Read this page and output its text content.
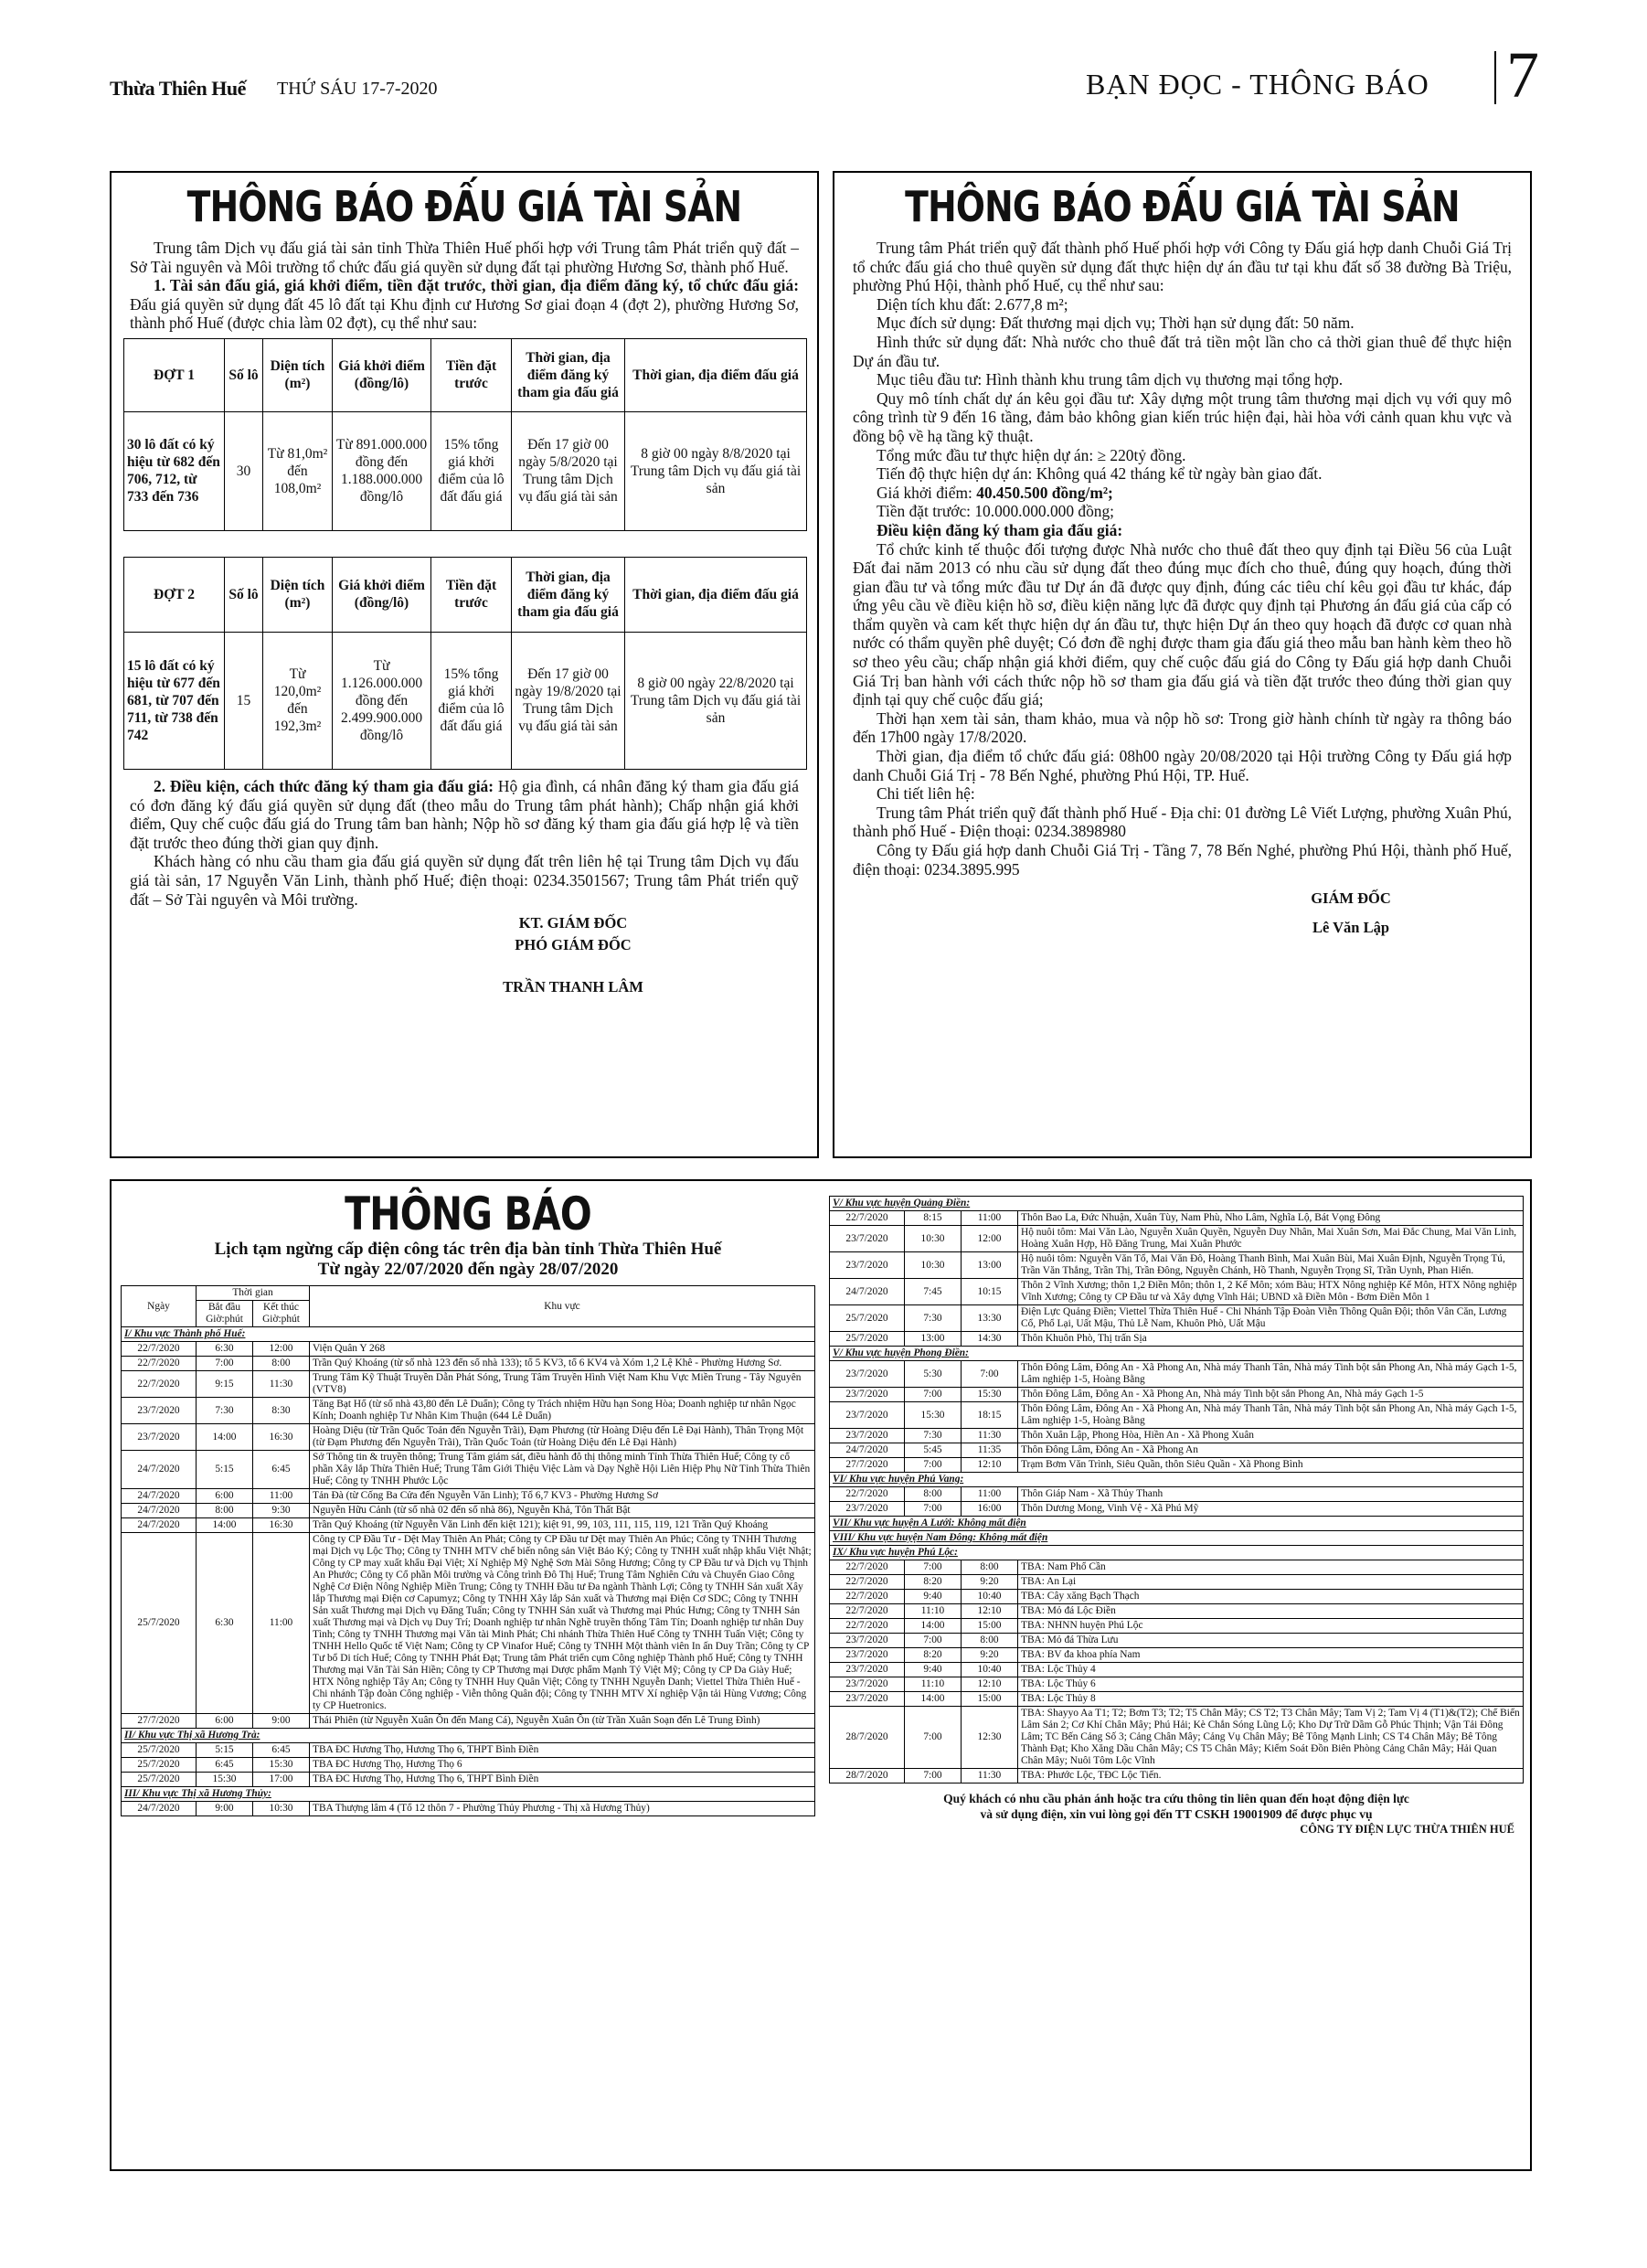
Thừa Thiên Huế THỨ SÁU 17-7-2020	BẠN ĐỌC - THÔNG BÁO 7
THÔNG BÁO ĐẤU GIÁ TÀI SẢN
Trung tâm Dịch vụ đấu giá tài sản tỉnh Thừa Thiên Huế phối hợp với Trung tâm Phát triển quỹ đất – Sở Tài nguyên và Môi trường tổ chức đấu giá quyền sử dụng đất tại phường Hương Sơ, thành phố Huế.
1. Tài sản đấu giá, giá khởi điểm, tiền đặt trước, thời gian, địa điểm đăng ký, tổ chức đấu giá: Đấu giá quyền sử dụng đất 45 lô đất tại Khu định cư Hương Sơ giai đoạn 4 (đợt 2), phường Hương Sơ, thành phố Huế (được chia làm 02 đợt), cụ thể như sau:
ĐỢT 1	Số lô	Diện tích (m²)	Giá khởi điểm (đồng/lô)	Tiền đặt trước	Thời gian, địa điểm đăng ký tham gia đấu giá	Thời gian, địa điểm đấu giá
30 lô đất có ký hiệu từ 682 đến 706, 712, từ 733 đến 736	30	Từ 81,0m² đến 108,0m²	Từ 891.000.000 đồng đến 1.188.000.000 đồng/lô	15% tổng giá khởi điểm của lô đất đấu giá	Đến 17 giờ 00 ngày 5/8/2020 tại Trung tâm Dịch vụ đấu giá tài sản	8 giờ 00 ngày 8/8/2020 tại Trung tâm Dịch vụ đấu giá tài sản
ĐỢT 2	Số lô	Diện tích (m²)	Giá khởi điểm (đồng/lô)	Tiền đặt trước	Thời gian, địa điểm đăng ký tham gia đấu giá	Thời gian, địa điểm đấu giá
15 lô đất có ký hiệu từ 677 đến 681, từ 707 đến 711, từ 738 đến 742	15	Từ 120,0m² đến 192,3m²	Từ 1.126.000.000 đồng đến 2.499.900.000 đồng/lô	15% tổng giá khởi điểm của lô đất đấu giá	Đến 17 giờ 00 ngày 19/8/2020 tại Trung tâm Dịch vụ đấu giá tài sản	8 giờ 00 ngày 22/8/2020 tại Trung tâm Dịch vụ đấu giá tài sản
2. Điều kiện, cách thức đăng ký tham gia đấu giá: Hộ gia đình, cá nhân đăng ký tham gia đấu giá có đơn đăng ký đấu giá quyền sử dụng đất (theo mẫu do Trung tâm phát hành); Chấp nhận giá khởi điểm, Quy chế cuộc đấu giá do Trung tâm ban hành; Nộp hồ sơ đăng ký tham gia đấu giá hợp lệ và tiền đặt trước theo đúng thời gian quy định.
Khách hàng có nhu cầu tham gia đấu giá quyền sử dụng đất trên liên hệ tại Trung tâm Dịch vụ đấu giá tài sản, 17 Nguyễn Văn Linh, thành phố Huế; điện thoại: 0234.3501567; Trung tâm Phát triển quỹ đất – Sở Tài nguyên và Môi trường.
KT. GIÁM ĐỐC
PHÓ GIÁM ĐỐC
TRẦN THANH LÂM
THÔNG BÁO ĐẤU GIÁ TÀI SẢN
Trung tâm Phát triển quỹ đất thành phố Huế phối hợp với Công ty Đấu giá hợp danh Chuỗi Giá Trị tổ chức đấu giá cho thuê quyền sử dụng đất thực hiện dự án đầu tư tại khu đất số 38 đường Bà Triệu, phường Phú Hội, thành phố Huế, cụ thể như sau:
Diện tích khu đất: 2.677,8 m²;
Mục đích sử dụng: Đất thương mại dịch vụ; Thời hạn sử dụng đất: 50 năm.
Hình thức sử dụng đất: Nhà nước cho thuê đất trả tiền một lần cho cả thời gian thuê để thực hiện Dự án đầu tư.
Mục tiêu đầu tư: Hình thành khu trung tâm dịch vụ thương mại tổng hợp.
Quy mô tính chất dự án kêu gọi đầu tư: Xây dựng một trung tâm thương mại dịch vụ với quy mô công trình từ 9 đến 16 tầng, đảm bảo không gian kiến trúc hiện đại, hài hòa với cảnh quan khu vực và đồng bộ về hạ tầng kỹ thuật.
Tổng mức đầu tư thực hiện dự án: ≥ 220tỷ đồng.
Tiến độ thực hiện dự án: Không quá 42 tháng kể từ ngày bàn giao đất.
Giá khởi điểm: 40.450.500 đồng/m²;
Tiền đặt trước: 10.000.000.000 đồng;
Điều kiện đăng ký tham gia đấu giá:
Tổ chức kinh tế thuộc đối tượng được Nhà nước cho thuê đất theo quy định tại Điều 56 của Luật Đất đai năm 2013 có nhu cầu sử dụng đất theo đúng mục đích cho thuê, đúng quy hoạch, đúng thời gian đầu tư và tổng mức đầu tư Dự án đã được quy định, đúng các tiêu chí kêu gọi đầu tư khác, đáp ứng yêu cầu về điều kiện hồ sơ, điều kiện năng lực đã được quy định tại Phương án đấu giá của cấp có thẩm quyền và cam kết thực hiện dự án đầu tư, thực hiện Dự án theo quy hoạch đã được cơ quan nhà nước có thẩm quyền phê duyệt; Có đơn đề nghị được tham gia đấu giá theo mẫu ban hành kèm theo hồ sơ theo yêu cầu; chấp nhận giá khởi điểm, quy chế cuộc đấu giá do Công ty Đấu giá hợp danh Chuỗi Giá Trị ban hành với cách thức nộp hồ sơ tham gia đấu giá và tiền đặt trước theo đúng thời gian quy định tại quy chế cuộc đấu giá;
Thời hạn xem tài sản, tham khảo, mua và nộp hồ sơ: Trong giờ hành chính từ ngày ra thông báo đến 17h00 ngày 17/8/2020.
Thời gian, địa điểm tổ chức đấu giá: 08h00 ngày 20/08/2020 tại Hội trường Công ty Đấu giá hợp danh Chuỗi Giá Trị - 78 Bến Nghé, phường Phú Hội, TP. Huế.
Chi tiết liên hệ:
Trung tâm Phát triển quỹ đất thành phố Huế - Địa chỉ: 01 đường Lê Viết Lượng, phường Xuân Phú, thành phố Huế - Điện thoại: 0234.3898980
Công ty Đấu giá hợp danh Chuỗi Giá Trị - Tầng 7, 78 Bến Nghé, phường Phú Hội, thành phố Huế, điện thoại: 0234.3895.995
GIÁM ĐỐC
Lê Văn Lập
THÔNG BÁO
Lịch tạm ngừng cấp điện công tác trên địa bàn tỉnh Thừa Thiên Huế
Từ ngày 22/07/2020 đến ngày 28/07/2020
Ngày	Thời gian		Khu vực
	Bắt đầu Giờ:phút	Kết thúc Giờ:phút	
I/ Khu vực Thành phố Huế:			
22/7/2020	6:30	12:00	Viện Quân Y 268
22/7/2020	7:00	8:00	Trần Quý Khoáng (từ số nhà 123 đến số nhà 133); tổ 5 KV3, tổ 6 KV4 và Xóm 1,2 Lệ Khê - Phường Hương Sơ.
22/7/2020	9:15	11:30	Trung Tâm Kỹ Thuật Truyền Dẫn Phát Sóng, Trung Tâm Truyền Hình Việt Nam Khu Vực Miền Trung - Tây Nguyên (VTV8)
23/7/2020	7:30	8:30	Tăng Bạt Hổ (từ số nhà 43,80 đến Lê Duẩn); Công ty Trách nhiệm Hữu hạn Song Hòa; Doanh nghiệp tư nhân Ngọc Kính; Doanh nghiệp Tư Nhân Kim Thuận (644 Lê Duẩn)
23/7/2020	14:00	16:30	Hoàng Diệu (từ Trần Quốc Toản đến Nguyễn Trãi), Đạm Phương (từ Hoàng Diệu đến Lê Đại Hành), Thân Trọng Một (từ Đạm Phương đến Nguyễn Trãi), Trần Quốc Toản (từ Hoàng Diệu đến Lê Đại Hành)
24/7/2020	5:15	6:45	Sở Thông tin & truyền thông; Trung Tâm giám sát, điều hành đô thị thông minh Tỉnh Thừa Thiên Huế; Công ty cổ phần Xây lắp Thừa Thiên Huế; Trung Tâm Giới Thiệu Việc Làm và Dạy Nghề Hội Liên Hiệp Phụ Nữ Tỉnh Thừa Thiên Huế; Công ty TNHH Phước Lộc
24/7/2020	6:00	11:00	Tản Đà (từ Cống Ba Cửa đến Nguyễn Văn Linh); Tổ 6,7 KV3 - Phường Hương Sơ
24/7/2020	8:00	9:30	Nguyễn Hữu Cảnh (từ số nhà 02 đến số nhà 86), Nguyễn Khả, Tôn Thất Bật
24/7/2020	14:00	16:30	Trần Quý Khoáng (từ Nguyễn Văn Linh đến kiệt 121); kiệt 91, 99, 103, 111, 115, 119, 121 Trần Quý Khoáng
25/7/2020	6:30	11:00	Công ty CP Đầu Tư - Dệt May Thiên An Phát; Công ty CP Đầu tư Dệt may Thiên An Phúc; Công ty TNHH Thương mại Dịch vụ Lộc Thọ; Công ty TNHH MTV chế biến nông sản Việt Bảo Ký; Công ty TNHH xuất nhập khẩu Việt Nhật; Công ty CP may xuất khẩu Đại Việt; Xí Nghiệp Mỹ Nghệ Sơn Mài Sông Hương; Công ty CP Đầu tư và Dịch vụ Thịnh An Phước; Công ty Cổ phần Môi trường và Công trình Đô Thị Huế; Trung Tâm Nghiên Cứu và Chuyển Giao Công Nghệ Cơ Điện Nông Nghiệp Miền Trung; Công ty TNHH Đầu tư Đa ngành Thành Lợi; Công ty TNHH Sản xuất Xây lắp Thương mại Điện cơ Capumyz; Công ty TNHH Xây lắp Sản xuất và Thương mại Điện Cơ SDC; Công ty TNHH Sản xuất Thương mại Dịch vụ Đăng Tuấn; Công ty TNHH Sản xuất và Thương mại Phúc Hưng; Công ty TNHH Sản xuất Thương mại và Dịch vụ Duy Trí; Doanh nghiệp tư nhân Nghề truyền thống Tâm Tín; Doanh nghiệp tư nhân Duy Tình; Công ty TNHH Thương mại Văn tài Minh Phát; Chi nhánh Thừa Thiên Huế Công ty TNHH Tuấn Việt; Công ty TNHH Hello Quốc tế Việt Nam; Công ty CP Vinafor Huế; Công ty TNHH Một thành viên In ấn Duy Trần; Công ty CP Tư bổ Di tích Huế; Công ty TNHH Phát Đạt; Trung tâm Phát triển cụm Công nghiệp Thành phố Huế; Công ty TNHH Thương mại Văn Tài Sản Hiền; Công ty CP Thương mại Dược phẩm Mạnh Tý Việt Mỹ; Công ty CP Da Giày Huế; HTX Nông nghiệp Tây An; Công ty TNHH Huy Quân Việt; Công ty TNHH Nguyễn Danh; Viettel Thừa Thiên Huế - Chi nhánh Tập đoàn Công nghiệp - Viễn thông Quân đội; Công ty TNHH MTV Xí nghiệp Vận tải Hùng Vương; Công ty CP Huetronics.
27/7/2020	6:00	9:00	Thái Phiên (từ Nguyễn Xuân Ôn đến Mang Cá), Nguyễn Xuân Ôn (từ Trần Xuân Soạn đến Lê Trung Đình)
II/ Khu vực Thị xã Hương Trà:			
25/7/2020	5:15	6:45	TBA ĐC Hương Thọ, Hương Thọ 6, THPT Bình Điền
25/7/2020	6:45	15:30	TBA ĐC Hương Thọ, Hương Thọ 6
25/7/2020	15:30	17:00	TBA ĐC Hương Thọ, Hương Thọ 6, THPT Bình Điền
III/ Khu vực Thị xã Hương Thủy:			
24/7/2020	9:00	10:30	TBA Thượng lâm 4 (Tổ 12 thôn 7 - Phường Thủy Phương - Thị xã Hương Thủy)
V/ Khu vực huyện Quảng Điền:			
22/7/2020	8:15	11:00	Thôn Bao La, Đức Nhuận, Xuân Tùy, Nam Phù, Nho Lâm, Nghĩa Lộ, Bát Vọng Đông
23/7/2020	10:30	12:00	Hộ nuôi tôm: Mai Văn Lào, Nguyễn Xuân Quyền, Nguyễn Duy Nhân, Mai Xuân Sơn, Mai Đắc Chung, Mai Văn Linh, Hoàng Xuân Hợp, Hồ Đăng Trung, Mai Xuân Phước
23/7/2020	10:30	13:00	Hộ nuôi tôm: Nguyễn Văn Tố, Mai Văn Đô, Hoàng Thanh Bình, Mai Xuân Bùi, Mai Xuân Định, Nguyễn Trọng Tú, Trần Văn Thắng, Trần Thị, Trần Đông, Nguyễn Chánh, Hồ Thanh, Nguyễn Trọng Sĩ, Trần Uynh, Phan Hiến.
24/7/2020	7:45	10:15	Thôn 2 Vĩnh Xương; thôn 1,2 Điền Môn; thôn 1, 2 Kế Môn; xóm Bàu; HTX Nông nghiệp Kế Môn, HTX Nông nghiệp Vĩnh Xương; Công ty CP Đầu tư và Xây dựng Vĩnh Hải; UBND xã Điền Môn - Bơm Điền Môn 1
25/7/2020	7:30	13:30	Điện Lực Quảng Điền; Viettel Thừa Thiên Huế - Chi Nhánh Tập Đoàn Viễn Thông Quân Đội; thôn Vân Căn, Lương Cổ, Phổ Lại, Uất Mậu, Thủ Lễ Nam, Khuôn Phò, Uất Mậu
25/7/2020	13:00	14:30	Thôn Khuôn Phò, Thị trấn Sịa
V/ Khu vực huyện Phong Điền:			
23/7/2020	5:30	7:00	Thôn Đông Lâm, Đông An - Xã Phong An, Nhà máy Thanh Tân, Nhà máy Tinh bột sắn Phong An, Nhà máy Gạch 1-5, Lâm nghiệp 1-5, Hoàng Bằng
23/7/2020	7:00	15:30	Thôn Đông Lâm, Đông An - Xã Phong An, Nhà máy Tinh bột sắn Phong An, Nhà máy Gạch 1-5
23/7/2020	15:30	18:15	Thôn Đông Lâm, Đông An - Xã Phong An, Nhà máy Thanh Tân, Nhà máy Tinh bột sắn Phong An, Nhà máy Gạch 1-5, Lâm nghiệp 1-5, Hoàng Bằng
23/7/2020	7:30	11:30	Thôn Xuân Lập, Phong Hòa, Hiền An - Xã Phong Xuân
24/7/2020	5:45	11:35	Thôn Đông Lâm, Đông An - Xã Phong An
27/7/2020	7:00	12:10	Trạm Bơm Văn Trình, Siêu Quần, thôn Siêu Quần - Xã Phong Bình
VI/ Khu vực huyện Phú Vang:			
22/7/2020	8:00	11:00	Thôn Giáp Nam - Xã Thủy Thanh
23/7/2020	7:00	16:00	Thôn Dương Mong, Vinh Vệ - Xã Phú Mỹ
VII/ Khu vực huyện A Lưới: Không mất điện			
VIII/ Khu vực huyện Nam Đông: Không mất điện			
IX/ Khu vực huyện Phú Lộc:			
22/7/2020	7:00	8:00	TBA: Nam Phổ Cần
22/7/2020	8:20	9:20	TBA: An Lại
22/7/2020	9:40	10:40	TBA: Cây xăng Bạch Thạch
22/7/2020	11:10	12:10	TBA: Mỏ đá Lộc Điền
22/7/2020	14:00	15:00	TBA: NHNN huyện Phú Lộc
23/7/2020	7:00	8:00	TBA: Mỏ đá Thừa Lưu
23/7/2020	8:20	9:20	TBA: BV đa khoa phía Nam
23/7/2020	9:40	10:40	TBA: Lộc Thủy 4
23/7/2020	11:10	12:10	TBA: Lộc Thủy 6
23/7/2020	14:00	15:00	TBA: Lộc Thủy 8
28/7/2020	7:00	12:30	TBA: Shayyo Aa T1; T2; Bơm T3; T2; T5 Chân Mây; CS T2; T3 Chân Mây; Tam Vị 2; Tam Vị 4 (T1)&(T2); Chế Biến Lâm Sản 2; Cơ Khí Chân Mây; Phú Hải; Kè Chắn Sóng Lũng Lộ; Kho Dự Trữ Dầm Gỗ Phúc Thịnh; Vận Tải Đông Lâm; TC Bến Cảng Số 3; Cảng Chân Mây; Cảng Vụ Chân Mây; Bê Tông Mạnh Linh; CS T4 Chân Mây; Bê Tông Thành Đạt; Kho Xăng Dầu Chân Mây; CS T5 Chân Mây; Kiểm Soát Đồn Biên Phòng Cảng Chân Mây; Hải Quan Chân Mây; Nuôi Tôm Lộc Vĩnh
28/7/2020	7:00	11:30	TBA: Phước Lộc, TĐC Lộc Tiến.
Quý khách có nhu cầu phản ánh hoặc tra cứu thông tin liên quan đến hoạt động điện lực
và sử dụng điện, xin vui lòng gọi đến TT CSKH 19001909 để được phục vụ
CÔNG TY ĐIỆN LỰC THỪA THIÊN HUẾ
